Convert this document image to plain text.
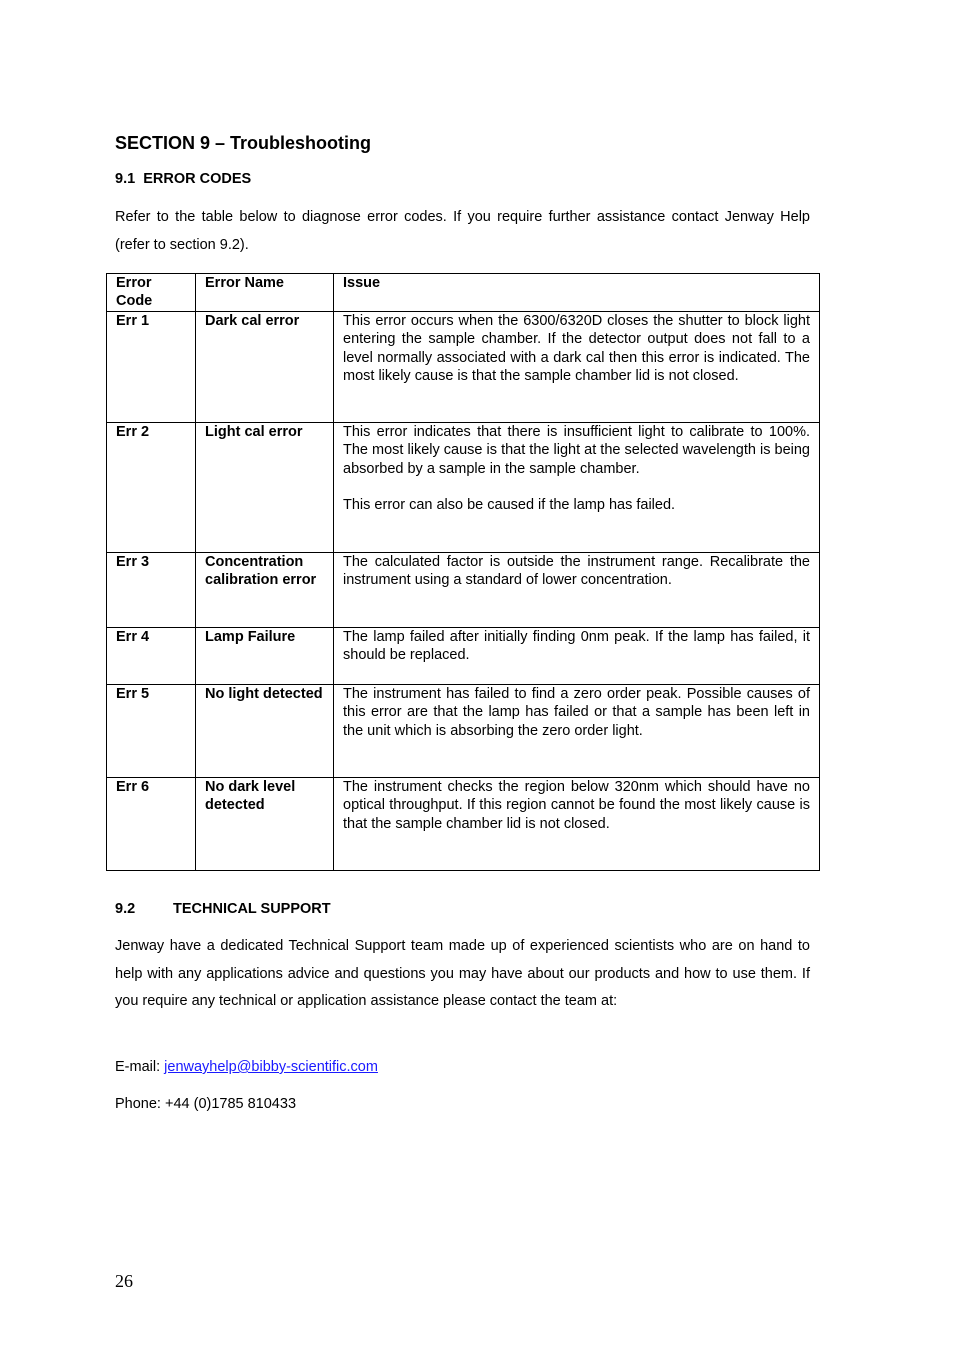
SECTION 9 – Troubleshooting
9.1 ERROR CODES

Refer to the table below to diagnose error codes. If you require further assistance contact Jenway Help (refer to section 9.2).

Error Code	Error Name	Issue
Err 1	Dark cal error	This error occurs when the 6300/6320D closes the shutter to block light entering the sample chamber. If the detector output does not fall to a level normally associated with a dark cal then this error is indicated. The most likely cause is that the sample chamber lid is not closed.

Err 2	Light cal error	This error indicates that there is insufficient light to calibrate to 100%. The most likely cause is that the light at the selected wavelength is being absorbed by a sample in the sample chamber.

This error can also be caused if the lamp has failed.

Err 3	Concentration calibration error	The calculated factor is outside the instrument range. Recalibrate the instrument using a standard of lower concentration.

Err 4	Lamp Failure	The lamp failed after initially finding 0nm peak. If the lamp has failed, it should be replaced.

Err 5	No light detected	The instrument has failed to find a zero order peak. Possible causes of this error are that the lamp has failed or that a sample has been left in the unit which is absorbing the zero order light.

Err 6	No dark level detected	The instrument checks the region below 320nm which should have no optical throughput. If this region cannot be found the most likely cause is that the sample chamber lid is not closed.

9.2	TECHNICAL SUPPORT

Jenway have a dedicated Technical Support team made up of experienced scientists who are on hand to help with any applications advice and questions you may have about our products and how to use them. If you require any technical or application assistance please contact the team at:

E-mail: jenwayhelp@bibby-scientific.com

Phone: +44 (0)1785 810433

26
